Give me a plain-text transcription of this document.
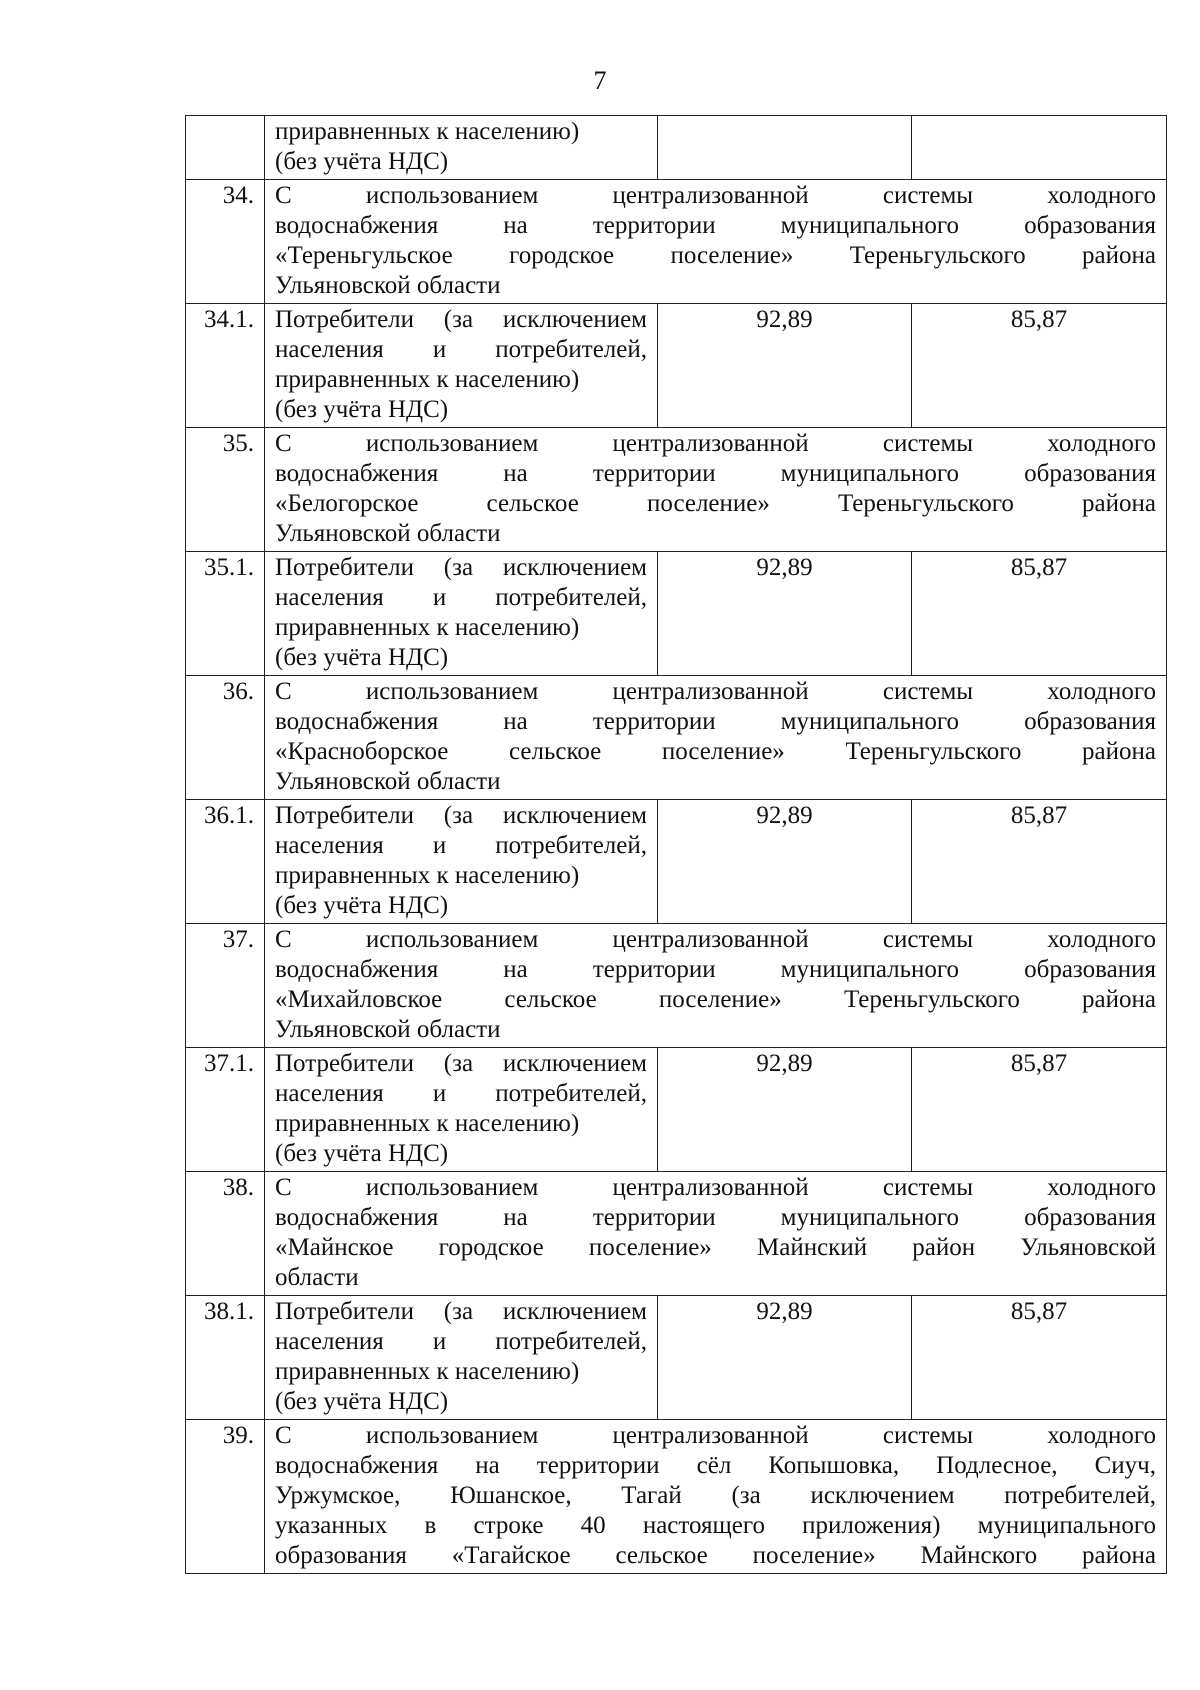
7

	приравненных к населению)
(без учёта НДС)		

34.	С использованием централизованной системы холодного
водоснабжения на территории муниципального образования
«Тереньгульское городское поселение» Тереньгульского района
Ульяновской области		

34.1.	Потребители (за исключением
населения и потребителей,
приравненных к населению)
(без учёта НДС)	92,89	85,87
35.	С использованием централизованной системы холодного
водоснабжения на территории муниципального образования
«Белогорское сельское поселение» Тереньгульского района
Ульяновской области		

35.1.	Потребители (за исключением
населения и потребителей,
приравненных к населению)
(без учёта НДС)	92,89	85,87
36.	С использованием централизованной системы холодного
водоснабжения на территории муниципального образования
«Красноборское сельское поселение» Тереньгульского района
Ульяновской области		

36.1.	Потребители (за исключением
населения и потребителей,
приравненных к населению)
(без учёта НДС)	92,89	85,87
37.	С использованием централизованной системы холодного
водоснабжения на территории муниципального образования
«Михайловское сельское поселение» Тереньгульского района
Ульяновской области		

37.1.	Потребители (за исключением
населения и потребителей,
приравненных к населению)
(без учёта НДС)	92,89	85,87
38.	С использованием централизованной системы холодного
водоснабжения на территории муниципального образования
«Майнское городское поселение» Майнский район Ульяновской
области		

38.1.	Потребители (за исключением
населения и потребителей,
приравненных к населению)
(без учёта НДС)	92,89	85,87
39.	С использованием централизованной системы холодного
водоснабжения на территории сёл Копышовка, Подлесное, Сиуч,
Уржумское, Юшанское, Тагай (за исключением потребителей,
указанных в строке 40 настоящего приложения) муниципального
образования «Тагайское сельское поселение» Майнского района		
